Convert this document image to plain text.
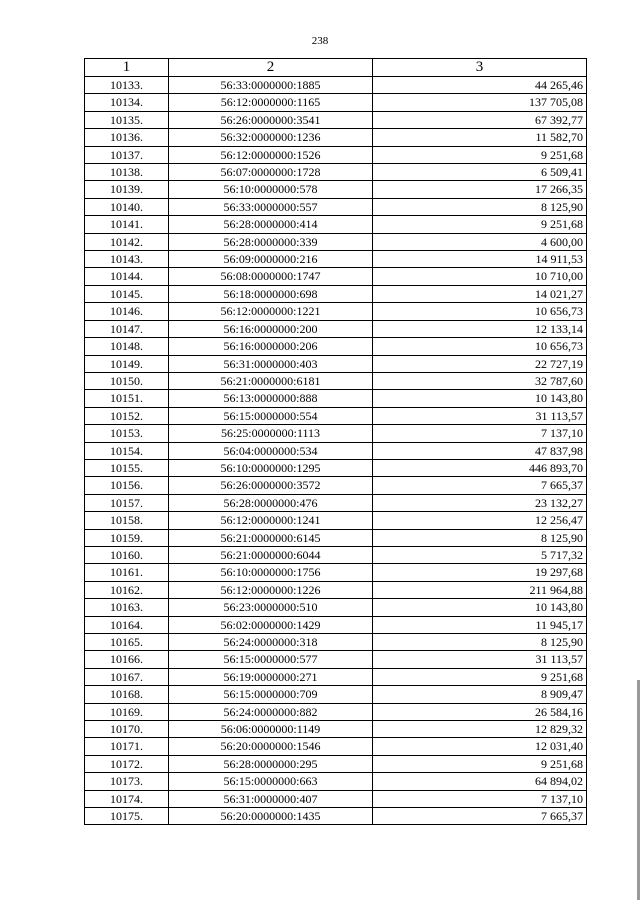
238
1	2	3
10133.	56:33:0000000:1885	44 265,46
10134.	56:12:0000000:1165	137 705,08
10135.	56:26:0000000:3541	67 392,77
10136.	56:32:0000000:1236	11 582,70
10137.	56:12:0000000:1526	9 251,68
10138.	56:07:0000000:1728	6 509,41
10139.	56:10:0000000:578	17 266,35
10140.	56:33:0000000:557	8 125,90
10141.	56:28:0000000:414	9 251,68
10142.	56:28:0000000:339	4 600,00
10143.	56:09:0000000:216	14 911,53
10144.	56:08:0000000:1747	10 710,00
10145.	56:18:0000000:698	14 021,27
10146.	56:12:0000000:1221	10 656,73
10147.	56:16:0000000:200	12 133,14
10148.	56:16:0000000:206	10 656,73
10149.	56:31:0000000:403	22 727,19
10150.	56:21:0000000:6181	32 787,60
10151.	56:13:0000000:888	10 143,80
10152.	56:15:0000000:554	31 113,57
10153.	56:25:0000000:1113	7 137,10
10154.	56:04:0000000:534	47 837,98
10155.	56:10:0000000:1295	446 893,70
10156.	56:26:0000000:3572	7 665,37
10157.	56:28:0000000:476	23 132,27
10158.	56:12:0000000:1241	12 256,47
10159.	56:21:0000000:6145	8 125,90
10160.	56:21:0000000:6044	5 717,32
10161.	56:10:0000000:1756	19 297,68
10162.	56:12:0000000:1226	211 964,88
10163.	56:23:0000000:510	10 143,80
10164.	56:02:0000000:1429	11 945,17
10165.	56:24:0000000:318	8 125,90
10166.	56:15:0000000:577	31 113,57
10167.	56:19:0000000:271	9 251,68
10168.	56:15:0000000:709	8 909,47
10169.	56:24:0000000:882	26 584,16
10170.	56:06:0000000:1149	12 829,32
10171.	56:20:0000000:1546	12 031,40
10172.	56:28:0000000:295	9 251,68
10173.	56:15:0000000:663	64 894,02
10174.	56:31:0000000:407	7 137,10
10175.	56:20:0000000:1435	7 665,37
